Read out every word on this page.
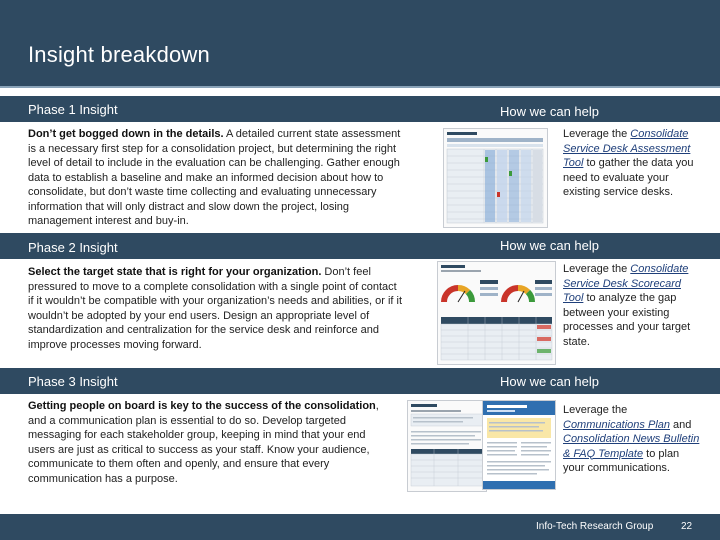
Insight breakdown
Phase 1 Insight	How we can help
Don’t get bogged down in the details. A detailed current state assessment is a necessary first step for a consolidation project, but determining the right level of detail to include in the evaluation can be challenging. Gather enough data to establish a baseline and make an informed decision about how to consolidate, but don’t waste time collecting and evaluating unnecessary information that will only distract and slow down the project, losing management interest and buy-in.
Leverage the Consolidate Service Desk Assessment Tool to gather the data you need to evaluate your existing service desks.
Phase 2 Insight	How we can help
Select the target state that is right for your organization. Don’t feel pressured to move to a complete consolidation with a single point of contact if it wouldn’t be compatible with your organization’s needs and abilities, or if it wouldn’t be adopted by your end users. Design an appropriate level of standardization and centralization for the service desk and reinforce and improve processes moving forward.
Leverage the Consolidate Service Desk Scorecard Tool to analyze the gap between your existing processes and your target state.
Phase 3 Insight	How we can help
Getting people on board is key to the success of the consolidation, and a communication plan is essential to do so. Develop targeted messaging for each stakeholder group, keeping in mind that your end users are just as critical to success as your staff. Know your audience, communicate to them often and openly, and ensure that every communication has a purpose.
Leverage the Communications Plan and Consolidation News Bulletin & FAQ Template to plan your communications.
Info-Tech Research Group	22
